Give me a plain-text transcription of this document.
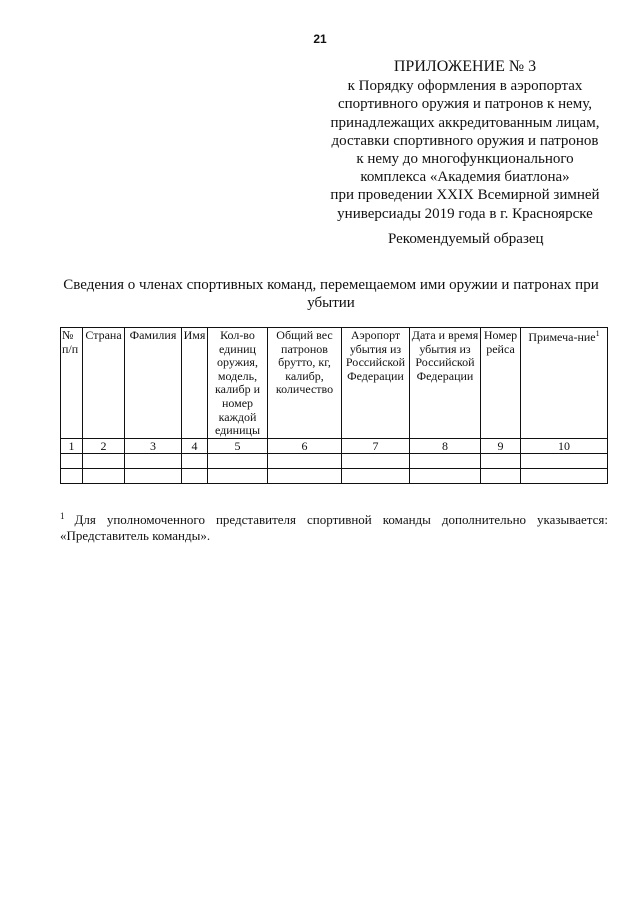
21
ПРИЛОЖЕНИЕ № 3
к Порядку оформления в аэропортах
спортивного оружия и патронов к нему,
принадлежащих аккредитованным лицам,
доставки спортивного оружия и патронов
к нему до многофункционального
комплекса «Академия биатлона»
при проведении XXIX Всемирной зимней
универсиады 2019 года в г. Красноярске
Рекомендуемый образец
Сведения о членах спортивных команд, перемещаемом ими оружии и патронах при убытии
№ п/п	Страна	Фамилия	Имя	Кол-во единиц оружия, модель, калибр и номер каждой единицы	Общий вес патронов брутто, кг, калибр, количество	Аэропорт убытия из Российской Федерации	Дата и время убытия из Российской Федерации	Номер рейса	Примеча-ние$^1$
1	2	3	4	5	6	7	8	9	10

$^1$ Для уполномоченного представителя спортивной команды дополнительно указывается:
«Представитель команды».
